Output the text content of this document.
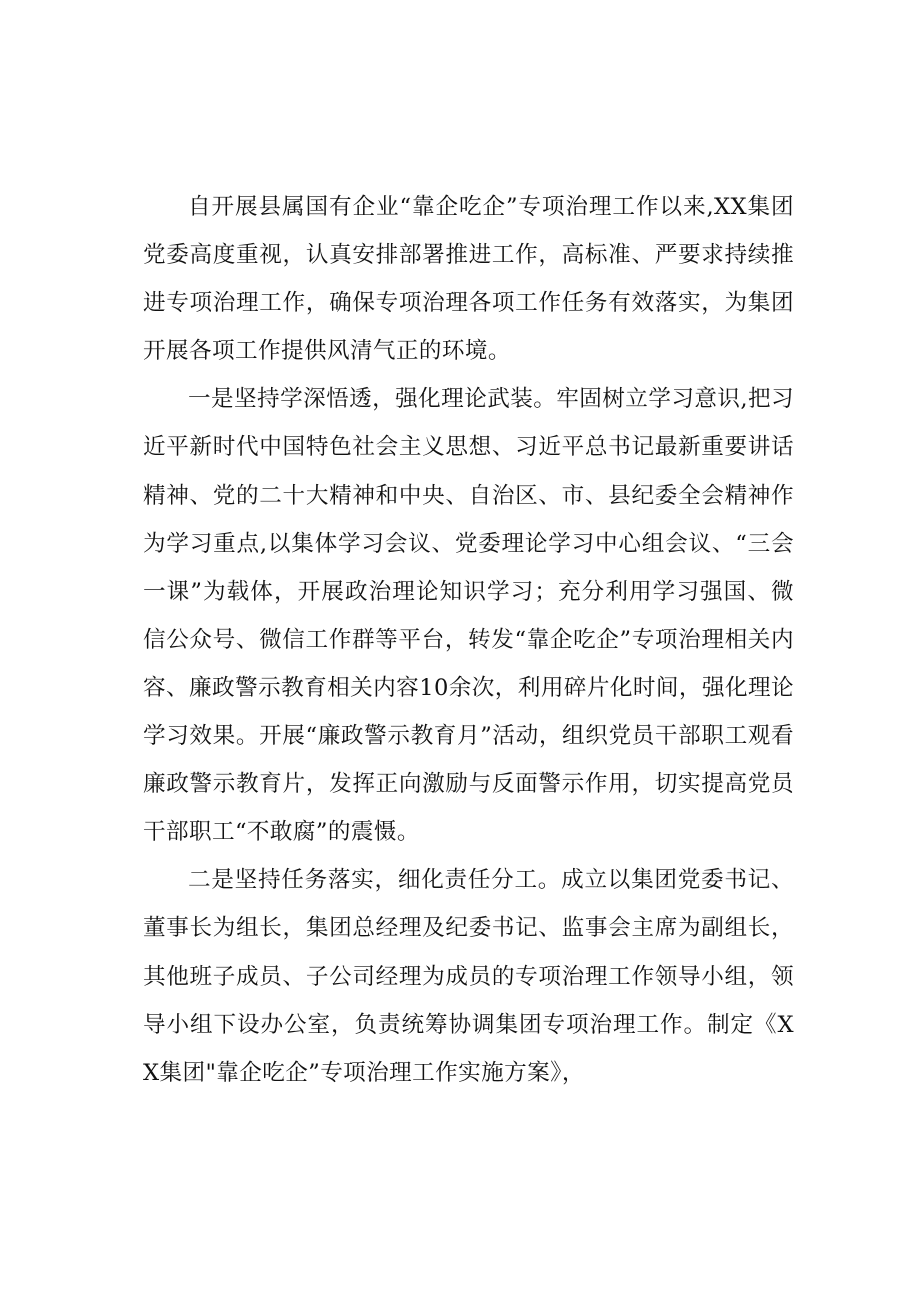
自开展县属国有企业“靠企吃企”专项治理工作以来,XX集团党委高度重视，认真安排部署推进工作，高标准、严要求持续推进专项治理工作，确保专项治理各项工作任务有效落实，为集团开展各项工作提供风清气正的环境。

一是坚持学深悟透，强化理论武装。牢固树立学习意识,把习近平新时代中国特色社会主义思想、习近平总书记最新重要讲话精神、党的二十大精神和中央、自治区、市、县纪委全会精神作为学习重点,以集体学习会议、党委理论学习中心组会议、“三会一课”为载体，开展政治理论知识学习；充分利用学习强国、微信公众号、微信工作群等平台，转发“靠企吃企”专项治理相关内容、廉政警示教育相关内容10余次，利用碎片化时间，强化理论学习效果。开展“廉政警示教育月”活动，组织党员干部职工观看廉政警示教育片，发挥正向激励与反面警示作用，切实提高党员干部职工“不敢腐”的震慑。

二是坚持任务落实，细化责任分工。成立以集团党委书记、董事长为组长，集团总经理及纪委书记、监事会主席为副组长，其他班子成员、子公司经理为成员的专项治理工作领导小组，领导小组下设办公室，负责统筹协调集团专项治理工作。制定《XX集团"靠企吃企”专项治理工作实施方案》，
